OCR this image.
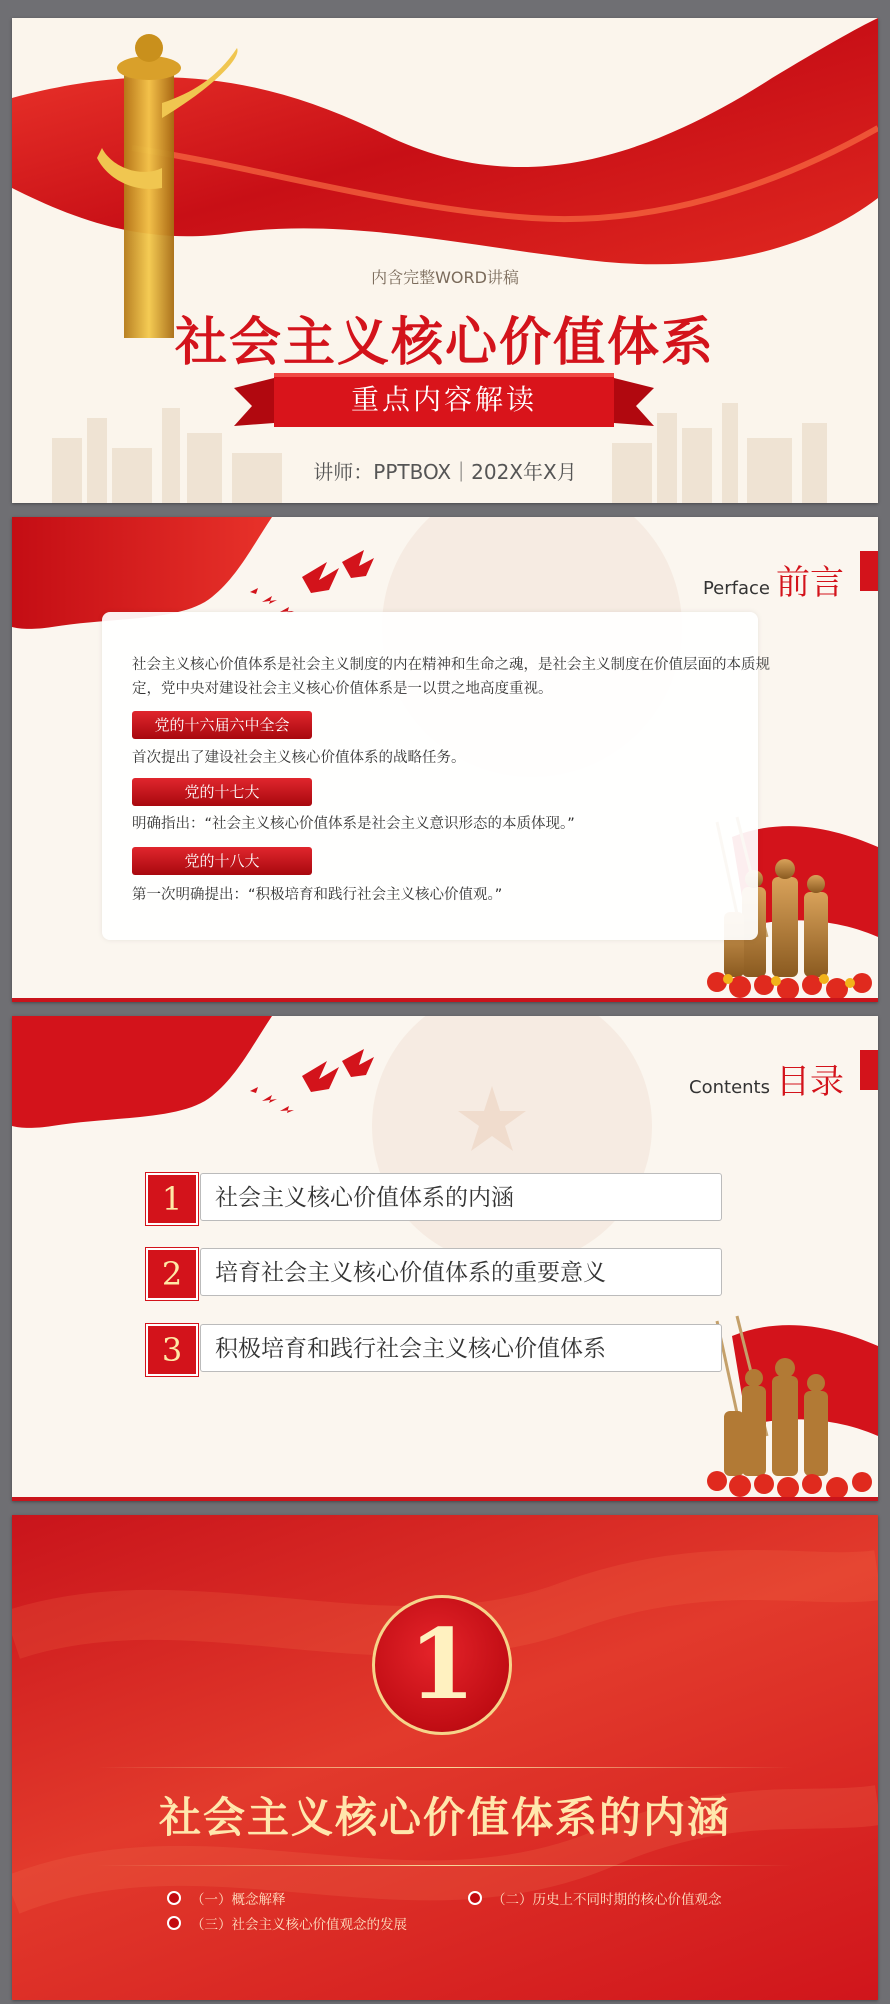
内含完整WORD讲稿
社会主义核心价值体系
重点内容解读
讲师：PPTBOX｜202X年X月
Perface 前言
社会主义核心价值体系是社会主义制度的内在精神和生命之魂，是社会主义制度在价值层面的本质规定，党中央对建设社会主义核心价值体系是一以贯之地高度重视。
党的十六届六中全会
首次提出了建设社会主义核心价值体系的战略任务。
党的十七大
明确指出：“社会主义核心价值体系是社会主义意识形态的本质体现。”
党的十八大
第一次明确提出：“积极培育和践行社会主义核心价值观。”
Contents 目录
1	社会主义核心价值体系的内涵
2	培育社会主义核心价值体系的重要意义
3	积极培育和践行社会主义核心价值体系
1
社会主义核心价值体系的内涵
（一）概念解释	（二）历史上不同时期的核心价值观念
（三）社会主义核心价值观念的发展
